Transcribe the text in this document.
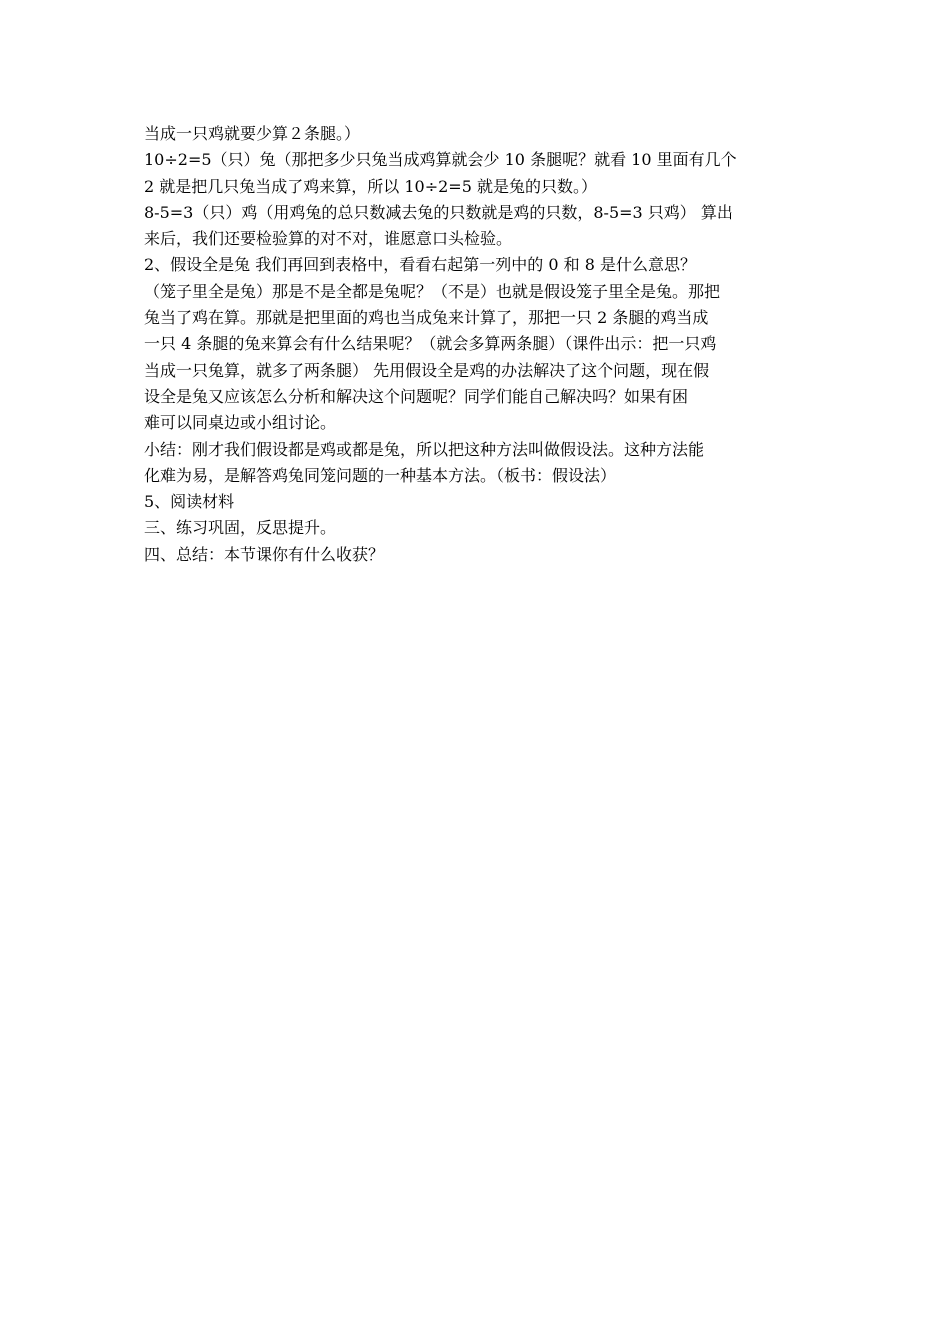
当成一只鸡就要少算２条腿。）
10÷2=5（只）兔（那把多少只兔当成鸡算就会少 10 条腿呢？就看 10 里面有几个
2 就是把几只兔当成了鸡来算，所以 10÷2=5 就是兔的只数。）
8-5=3（只）鸡（用鸡兔的总只数减去兔的只数就是鸡的只数，8-5=3 只鸡） 算出
来后，我们还要检验算的对不对，谁愿意口头检验。
2、假设全是兔 我们再回到表格中，看看右起第一列中的 0 和 8 是什么意思？
（笼子里全是兔）那是不是全都是兔呢？（不是）也就是假设笼子里全是兔。那把
兔当了鸡在算。那就是把里面的鸡也当成兔来计算了，那把一只 2 条腿的鸡当成
一只 4 条腿的兔来算会有什么结果呢？（就会多算两条腿）（课件出示：把一只鸡
当成一只兔算，就多了两条腿） 先用假设全是鸡的办法解决了这个问题，现在假
设全是兔又应该怎么分析和解决这个问题呢？同学们能自己解决吗？如果有困
难可以同桌边或小组讨论。
小结：刚才我们假设都是鸡或都是兔，所以把这种方法叫做假设法。这种方法能
化难为易，是解答鸡兔同笼问题的一种基本方法。（板书：假设法）
5、阅读材料
三、练习巩固，反思提升。
四、总结：本节课你有什么收获？
